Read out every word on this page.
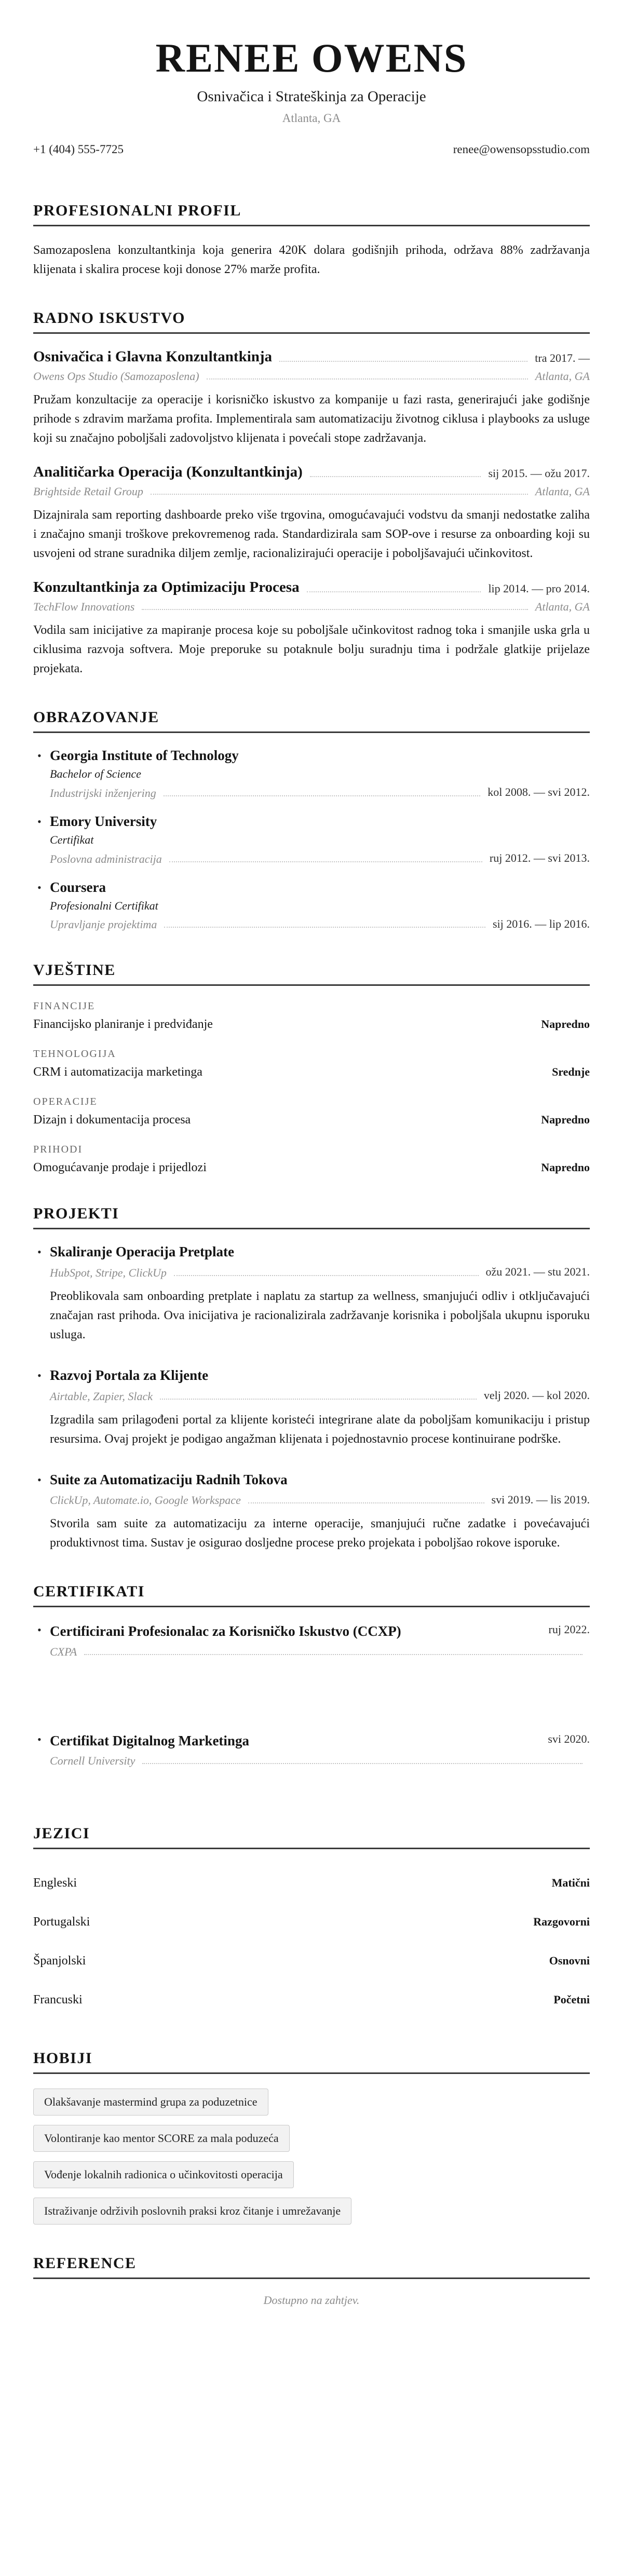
RENEE OWENS
Osnivačica i Strateškinja za Operacije
Atlanta, GA
+1 (404) 555-7725	renee@owensopsstudio.com
PROFESIONALNI PROFIL

Samozaposlena konzultantkinja koja generira 420K dolara godišnjih prihoda, održava 88% zadržavanja klijenata i skalira procese koji donose 27% marže profita.

RADNO ISKUSTVO
Osnivačica i Glavna Konzultantkinja	tra 2017. —
Owens Ops Studio (Samozaposlena)	Atlanta, GA

Pružam konzultacije za operacije i korisničko iskustvo za kompanije u fazi rasta, generirajući jake godišnje prihode s zdravim maržama profita. Implementirala sam automatizaciju životnog ciklusa i playbooks za usluge koji su značajno poboljšali zadovoljstvo klijenata i povećali stope zadržavanja.

Analitičarka Operacija (Konzultantkinja)	sij 2015. — ožu 2017.
Brightside Retail Group	Atlanta, GA

Dizajnirala sam reporting dashboarde preko više trgovina, omogućavajući vodstvu da smanji nedostatke zaliha i značajno smanji troškove prekovremenog rada. Standardizirala sam SOP-ove i resurse za onboarding koji su usvojeni od strane suradnika diljem zemlje, racionalizirajući operacije i poboljšavajući učinkovitost.

Konzultantkinja za Optimizaciju Procesa	lip 2014. — pro 2014.
TechFlow Innovations	Atlanta, GA

Vodila sam inicijative za mapiranje procesa koje su poboljšale učinkovitost radnog toka i smanjile uska grla u ciklusima razvoja softvera. Moje preporuke su potaknule bolju suradnju tima i podržale glatkije prijelaze projekata.

OBRAZOVANJE
• Georgia Institute of Technology
Bachelor of Science
Industrijski inženjering	kol 2008. — svi 2012.
• Emory University
Certifikat
Poslovna administracija	ruj 2012. — svi 2013.
• Coursera
Profesionalni Certifikat
Upravljanje projektima	sij 2016. — lip 2016.
VJEŠTINE
FINANCIJE
Financijsko planiranje i predviđanje	Napredno
TEHNOLOGIJA
CRM i automatizacija marketinga	Srednje
OPERACIJE
Dizajn i dokumentacija procesa	Napredno
PRIHODI
Omogućavanje prodaje i prijedlozi	Napredno
PROJEKTI
• Skaliranje Operacija Pretplate
HubSpot, Stripe, ClickUp	ožu 2021. — stu 2021.

Preoblikovala sam onboarding pretplate i naplatu za startup za wellness, smanjujući odliv i otključavajući značajan rast prihoda. Ova inicijativa je racionalizirala zadržavanje korisnika i poboljšala ukupnu isporuku usluga.

• Razvoj Portala za Klijente
Airtable, Zapier, Slack	velj 2020. — kol 2020.

Izgradila sam prilagođeni portal za klijente koristeći integrirane alate da poboljšam komunikaciju i pristup resursima. Ovaj projekt je podigao angažman klijenata i pojednostavnio procese kontinuirane podrške.

• Suite za Automatizaciju Radnih Tokova
ClickUp, Automate.io, Google Workspace	svi 2019. — lis 2019.

Stvorila sam suite za automatizaciju za interne operacije, smanjujući ručne zadatke i povećavajući produktivnost tima. Sustav je osigurao dosljedne procese preko projekata i poboljšao rokove isporuke.

CERTIFIKATI
• Certificirani Profesionalac za Korisničko Iskustvo (CCXP)	ruj 2022.
CXPA
• Certifikat Digitalnog Marketinga	svi 2020.
Cornell University
JEZICI
Engleski	Matični
Portugalski	Razgovorni
Španjolski	Osnovni
Francuski	Početni
HOBIJI
Olakšavanje mastermind grupa za poduzetnice
Volontiranje kao mentor SCORE za mala poduzeća
Vođenje lokalnih radionica o učinkovitosti operacija
Istraživanje održivih poslovnih praksi kroz čitanje i umrežavanje
REFERENCE
Dostupno na zahtjev.
